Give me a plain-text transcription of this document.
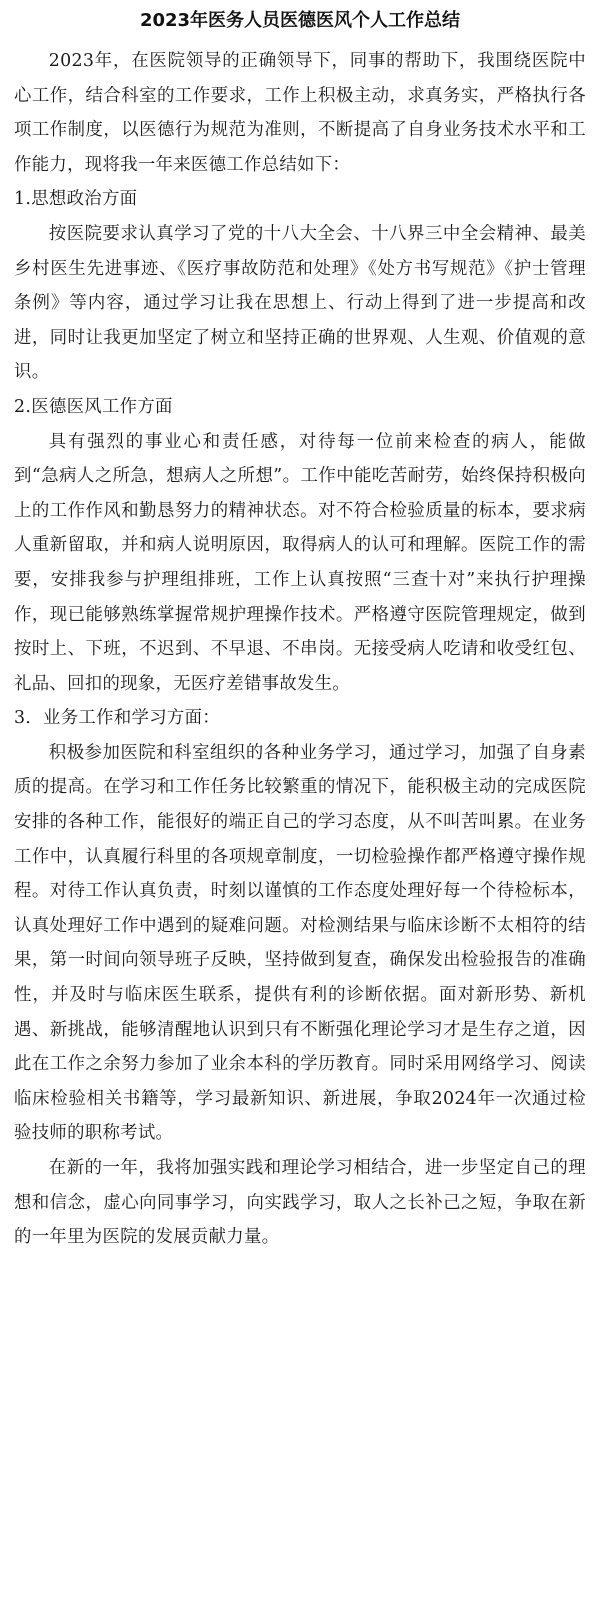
2023年医务人员医德医风个人工作总结

2023年，在医院领导的正确领导下，同事的帮助下，我围绕医院中心工作，结合科室的工作要求，工作上积极主动，求真务实，严格执行各项工作制度，以医德行为规范为准则，不断提高了自身业务技术水平和工作能力，现将我一年来医德工作总结如下：

1.思想政治方面

按医院要求认真学习了党的十八大全会、十八界三中全会精神、最美乡村医生先进事迹、《医疗事故防范和处理》《处方书写规范》《护士管理条例》等内容，通过学习让我在思想上、行动上得到了进一步提高和改进，同时让我更加坚定了树立和坚持正确的世界观、人生观、价值观的意识。

2.医德医风工作方面

具有强烈的事业心和责任感，对待每一位前来检查的病人，能做到“急病人之所急，想病人之所想”。工作中能吃苦耐劳，始终保持积极向上的工作作风和勤恳努力的精神状态。对不符合检验质量的标本，要求病人重新留取，并和病人说明原因，取得病人的认可和理解。医院工作的需要，安排我参与护理组排班，工作上认真按照“三查十对”来执行护理操作，现已能够熟练掌握常规护理操作技术。严格遵守医院管理规定，做到按时上、下班，不迟到、不早退、不串岗。无接受病人吃请和收受红包、礼品、回扣的现象，无医疗差错事故发生。

3．业务工作和学习方面：

积极参加医院和科室组织的各种业务学习，通过学习，加强了自身素质的提高。在学习和工作任务比较繁重的情况下，能积极主动的完成医院安排的各种工作，能很好的端正自己的学习态度，从不叫苦叫累。在业务工作中，认真履行科里的各项规章制度，一切检验操作都严格遵守操作规程。对待工作认真负责，时刻以谨慎的工作态度处理好每一个待检标本，认真处理好工作中遇到的疑难问题。对检测结果与临床诊断不太相符的结果，第一时间向领导班子反映，坚持做到复查，确保发出检验报告的准确性，并及时与临床医生联系，提供有利的诊断依据。面对新形势、新机遇、新挑战，能够清醒地认识到只有不断强化理论学习才是生存之道，因此在工作之余努力参加了业余本科的学历教育。同时采用网络学习、阅读临床检验相关书籍等，学习最新知识、新进展，争取2024年一次通过检验技师的职称考试。

在新的一年，我将加强实践和理论学习相结合，进一步坚定自己的理想和信念，虚心向同事学习，向实践学习，取人之长补己之短，争取在新的一年里为医院的发展贡献力量。
